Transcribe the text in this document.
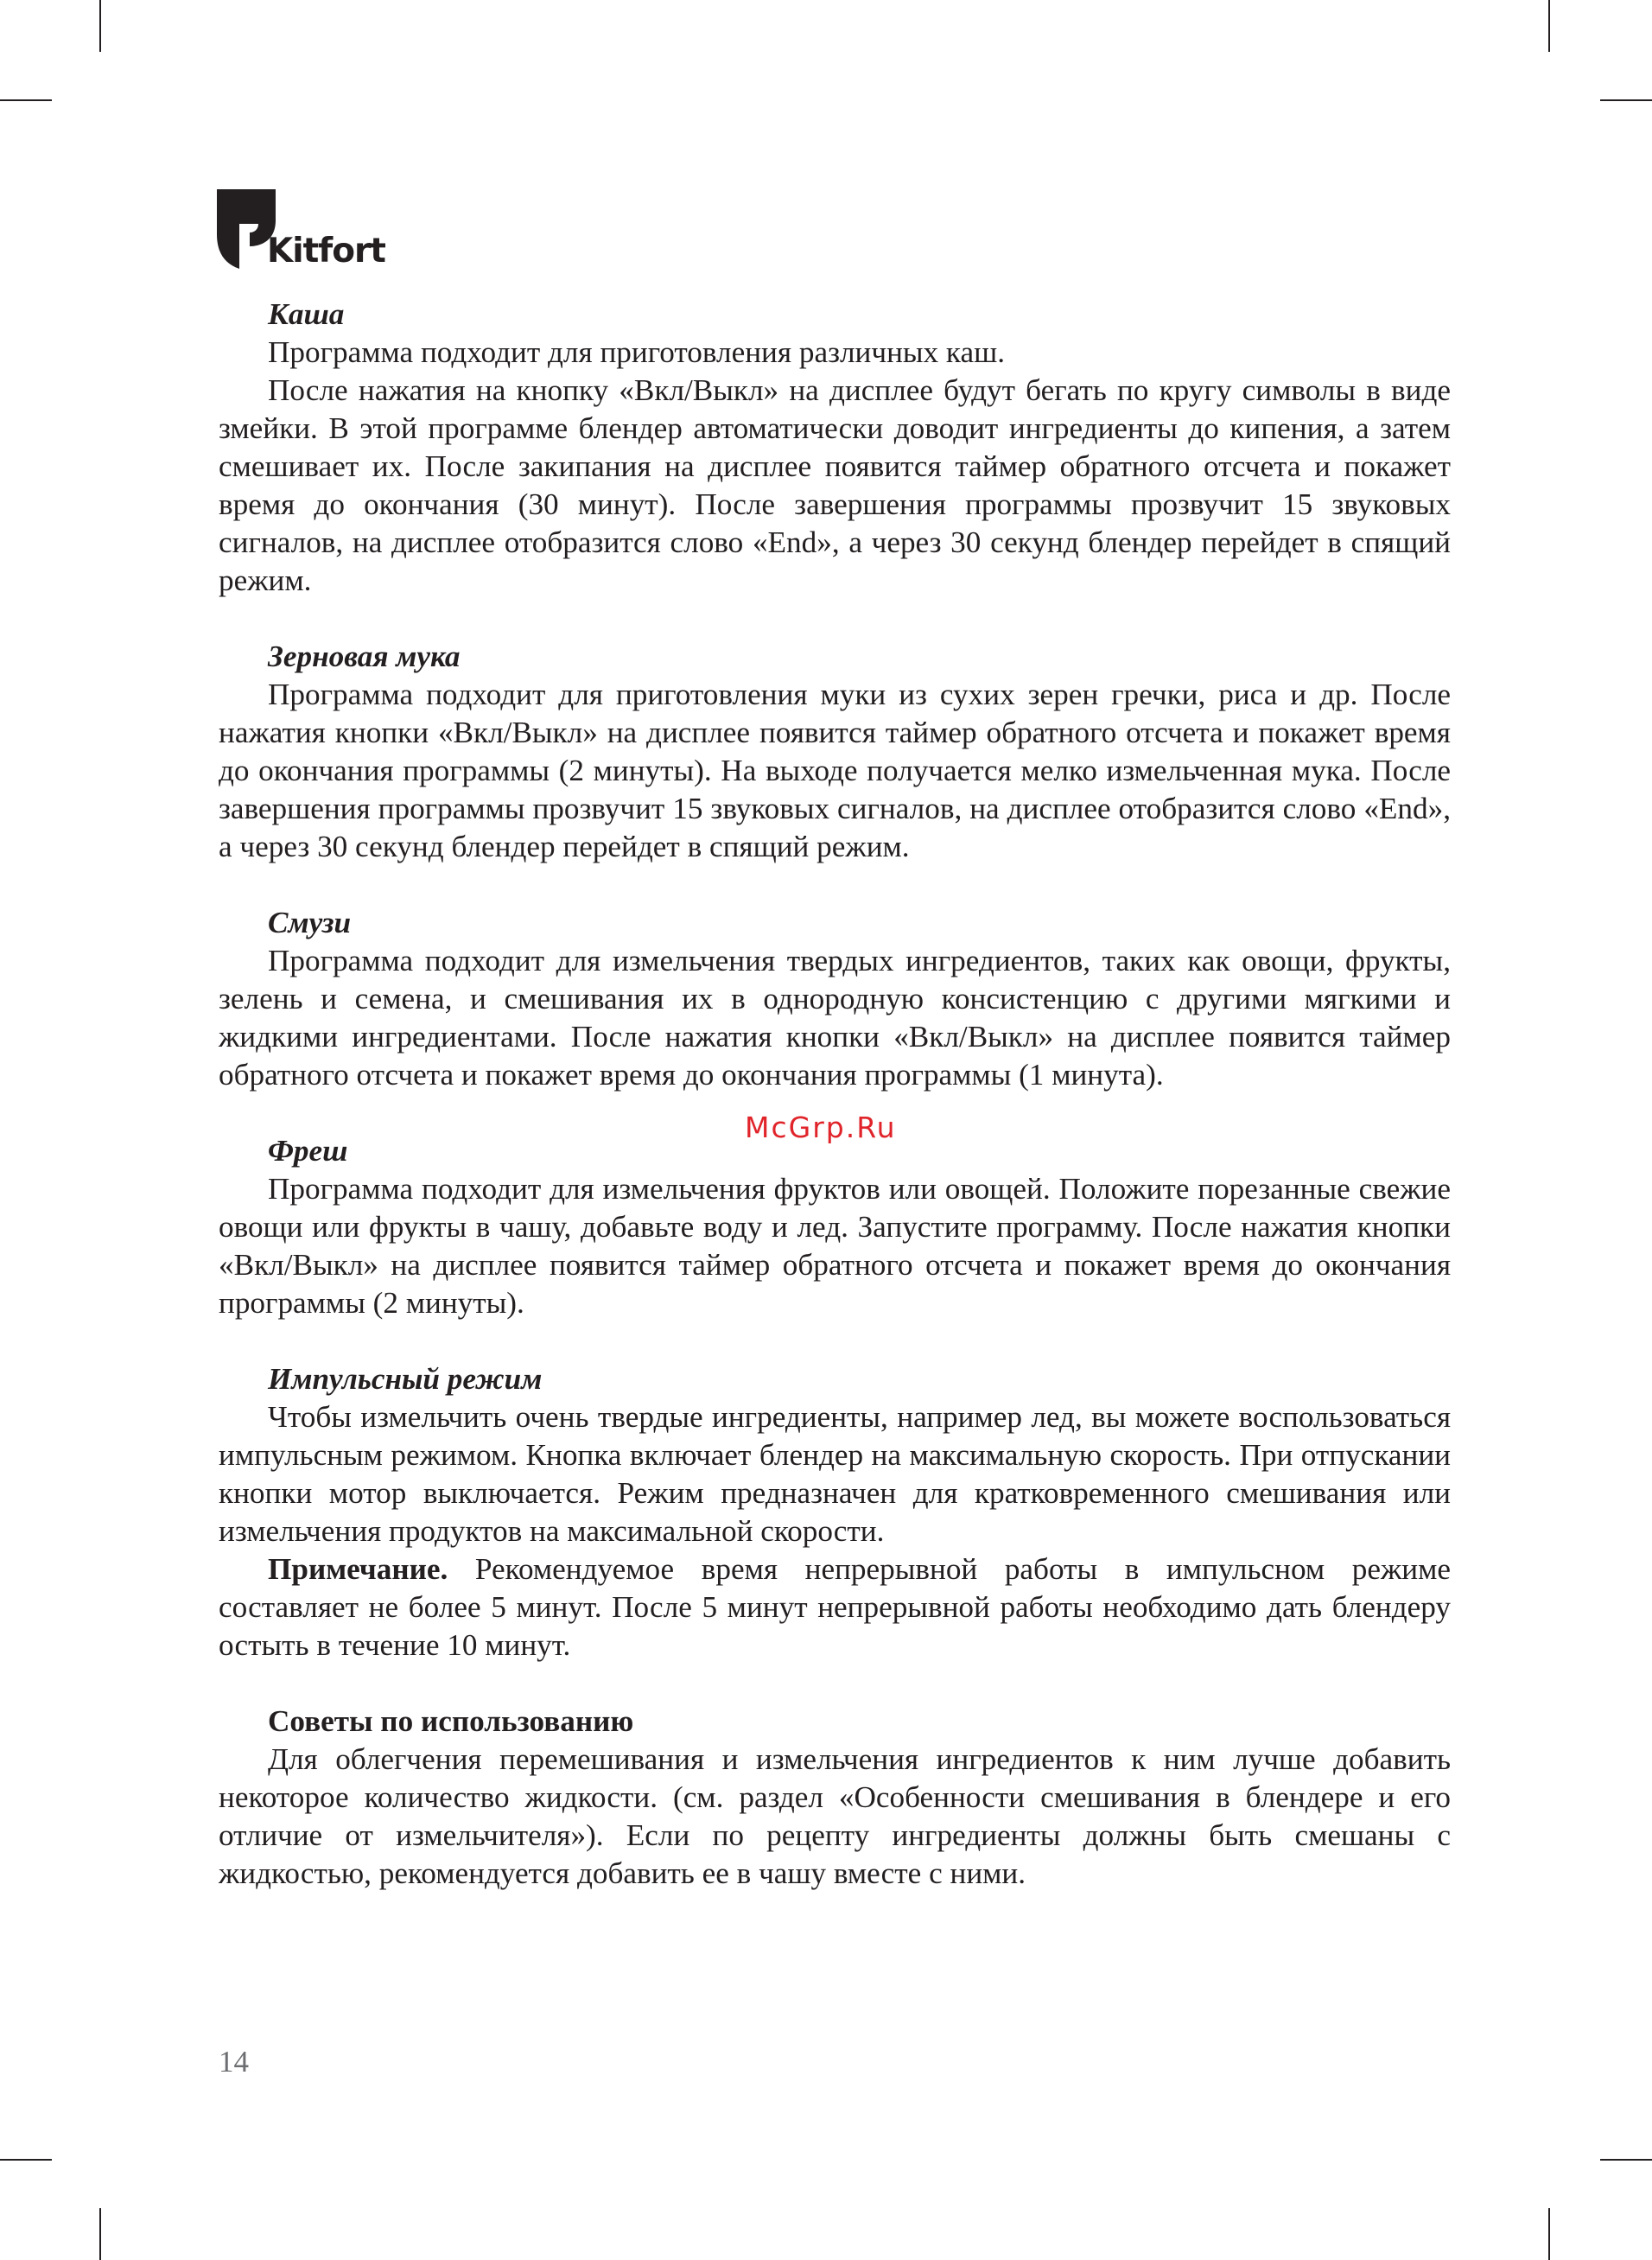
Kitfort
Каша

Программа подходит для приготовления различных каш.

После нажатия на кнопку «Вкл/Выкл» на дисплее будут бегать по кругу символы в виде змейки. В этой программе блендер автоматически доводит ингредиенты до кипения, а затем смешивает их. После закипания на дисплее появится таймер обратного отсчета и покажет время до окончания (30 минут). После завершения программы прозвучит 15 звуковых сигналов, на дисплее отобразится слово «End», а через 30 секунд блендер перейдет в спящий режим.

Зерновая мука

Программа подходит для приготовления муки из сухих зерен гречки, риса и др. После нажатия кнопки «Вкл/Выкл» на дисплее появится таймер обратного отсчета и покажет время до окончания программы (2 минуты). На выходе получается мелко измельченная мука. После завершения программы прозвучит 15 звуковых сигналов, на дисплее отобразится слово «End», а через 30 секунд блендер перейдет в спящий режим.

Смузи

Программа подходит для измельчения твердых ингредиентов, таких как овощи, фрукты, зелень и семена, и смешивания их в однородную консистенцию с другими мягкими и жидкими ингредиентами. После нажатия кнопки «Вкл/Выкл» на дисплее появится таймер обратного отсчета и покажет время до окончания программы (1 минута).

Фреш

Программа подходит для измельчения фруктов или овощей. Положите порезанные свежие овощи или фрукты в чашу, добавьте воду и лед. Запустите программу. После нажатия кнопки «Вкл/Выкл» на дисплее появится таймер обратного отсчета и покажет время до окончания программы (2 минуты).

Импульсный режим

Чтобы измельчить очень твердые ингредиенты, например лед, вы можете воспользоваться импульсным режимом. Кнопка включает блендер на максимальную скорость. При отпускании кнопки мотор выключается. Режим предназначен для кратковременного смешивания или измельчения продуктов на максимальной скорости.

Примечание. Рекомендуемое время непрерывной работы в импульсном режиме составляет не более 5 минут. После 5 минут непрерывной работы необходимо дать блендеру остыть в течение 10 минут.

Советы по использованию

Для облегчения перемешивания и измельчения ингредиентов к ним лучше добавить некоторое количество жидкости. (см. раздел «Особенности смешивания в блендере и его отличие от измельчителя»). Если по рецепту ингредиенты должны быть смешаны с жидкостью, рекомендуется добавить ее в чашу вместе с ними.

McGrp.Ru
14
